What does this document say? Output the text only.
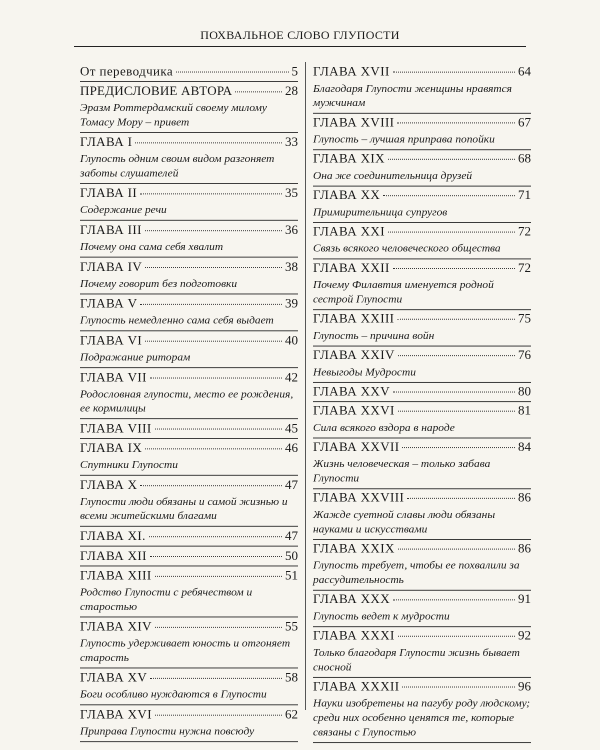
ПОХВАЛЬНОЕ СЛОВО ГЛУПОСТИ
От переводчика	5
ПРЕДИСЛОВИЕ АВТОРА	28
Эразм Роттердамский своему милому Томасу Мору – привет
ГЛАВА I	33
Глупость одним своим видом разгоняет заботы слушателей
ГЛАВА II	35
Содержание речи
ГЛАВА III	36
Почему она сама себя хвалит
ГЛАВА IV	38
Почему говорит без подготовки
ГЛАВА V	39
Глупость немедленно сама себя выдает
ГЛАВА VI	40
Подражание риторам
ГЛАВА VII	42
Родословная глупости, место ее рождения, ее кормилицы
ГЛАВА VIII	45
ГЛАВА IX	46
Спутники Глупости
ГЛАВА X	47
Глупости люди обязаны и самой жизнью и всеми житейскими благами
ГЛАВА XI.	47
ГЛАВА XII	50
ГЛАВА XIII	51
Родство Глупости с ребячеством и старостью
ГЛАВА XIV	55
Глупость удерживает юность и отгоняет старость
ГЛАВА XV	58
Боги особливо нуждаются в Глупости
ГЛАВА XVI	62
Приправа Глупости нужна повсюду
ГЛАВА XVII	64
Благодаря Глупости женщины нравятся мужчинам
ГЛАВА XVIII	67
Глупость – лучшая приправа попойки
ГЛАВА XIX	68
Она же соединительница друзей
ГЛАВА XX	71
Примирительница супругов
ГЛАВА XXI	72
Связь всякого человеческого общества
ГЛАВА XXII	72
Почему Филавтия именуется родной сестрой Глупости
ГЛАВА XXIII	75
Глупость – причина войн
ГЛАВА XXIV	76
Невыгоды Мудрости
ГЛАВА XXV	80
ГЛАВА XXVI	81
Сила всякого вздора в народе
ГЛАВА XXVII	84
Жизнь человеческая – только забава Глупости
ГЛАВА XXVIII	86
Жажде суетной славы люди обязаны науками и искусствами
ГЛАВА XXIX	86
Глупость требует, чтобы ее похвалили за рассудительность
ГЛАВА XXX	91
Глупость ведет к мудрости
ГЛАВА XXXI	92
Только благодаря Глупости жизнь бывает сносной
ГЛАВА XXXII	96
Науки изобретены на пагубу роду людскому; среди них особенно ценятся те, которые связаны с Глупостью
